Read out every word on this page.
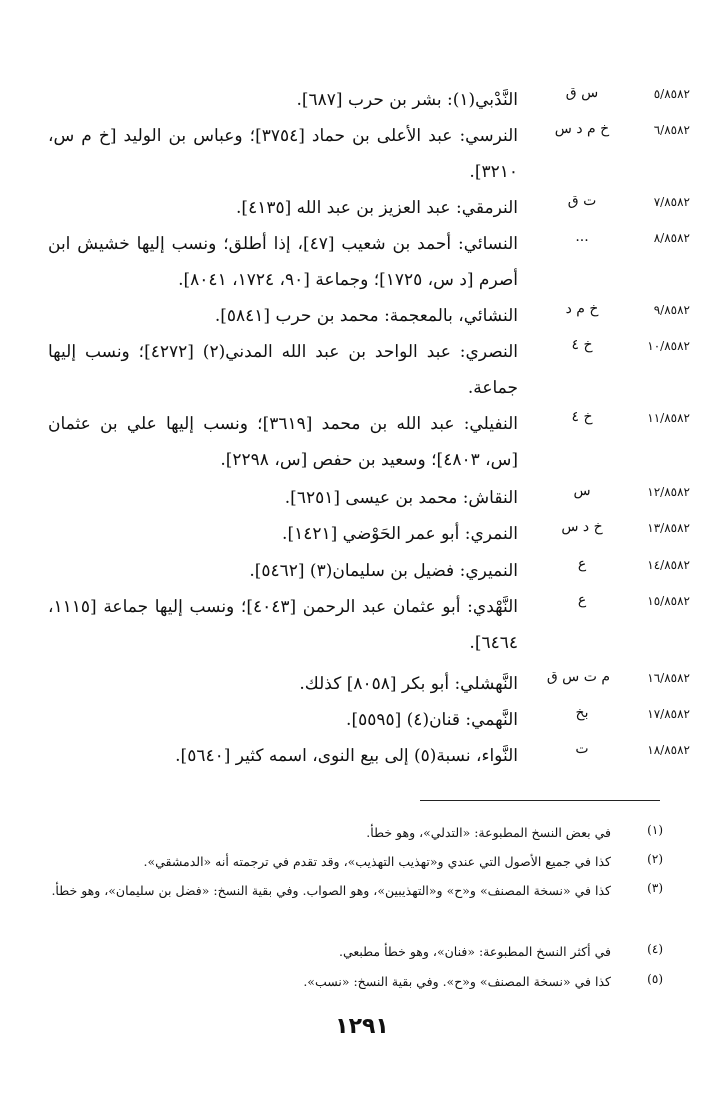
٥/٨٥٨٢
س ق
النَّدْبي(١): بشر بن حرب [٦٨٧].
٦/٨٥٨٢
خ م د س
النرسي: عبد الأعلى بن حماد [٣٧٥٤]؛ وعباس بن الوليد [خ م س، ٣٢١٠].
٧/٨٥٨٢
ت ق
النرمقي: عبد العزيز بن عبد الله [٤١٣٥].
٨/٨٥٨٢
...
النسائي: أحمد بن شعيب [٤٧]، إذا أطلق؛ ونسب إليها خشيش ابن أصرم [د س، ١٧٢٥]؛ وجماعة [٩٠، ١٧٢٤، ٨٠٤١].
٩/٨٥٨٢
خ م د
النشائي، بالمعجمة: محمد بن حرب [٥٨٤١].
١٠/٨٥٨٢
خ ٤
النصري: عبد الواحد بن عبد الله المدني(٢) [٤٢٧٢]؛ ونسب إليها جماعة.
١١/٨٥٨٢
خ ٤
النفيلي: عبد الله بن محمد [٣٦١٩]؛ ونسب إليها علي بن عثمان [س، ٤٨٠٣]؛ وسعيد بن حفص [س، ٢٢٩٨].
١٢/٨٥٨٢
س
النقاش: محمد بن عيسى [٦٢٥١].
١٣/٨٥٨٢
خ د س
النمري: أبو عمر الحَوْضي [١٤٢١].
١٤/٨٥٨٢
ع
النميري: فضيل بن سليمان(٣) [٥٤٦٢].
١٥/٨٥٨٢
ع
النَّهْدي: أبو عثمان عبد الرحمن [٤٠٤٣]؛ ونسب إليها جماعة [١١١٥، ٦٤٦٤].
١٦/٨٥٨٢
م ت س ق
النَّهشلي: أبو بكر [٨٠٥٨] كذلك.
١٧/٨٥٨٢
بخ
النَّهمي: قنان(٤) [٥٥٩٥].
١٨/٨٥٨٢
ت
النَّواء، نسبة(٥) إلى بيع النوى، اسمه كثير [٥٦٤٠].
(١)
في بعض النسخ المطبوعة: «التدلي»، وهو خطأ.
(٢)
كذا في جميع الأصول التي عندي و«تهذيب التهذيب»، وقد تقدم في ترجمته أنه «الدمشقي».
(٣)
كذا في «نسخة المصنف» و«ح» و«التهذيبين»، وهو الصواب. وفي بقية النسخ: «فضل بن سليمان»، وهو خطأ.
(٤)
في أكثر النسخ المطبوعة: «فنان»، وهو خطأ مطبعي.
(٥)
كذا في «نسخة المصنف» و«ح». وفي بقية النسخ: «نسب».
١٢٩١
